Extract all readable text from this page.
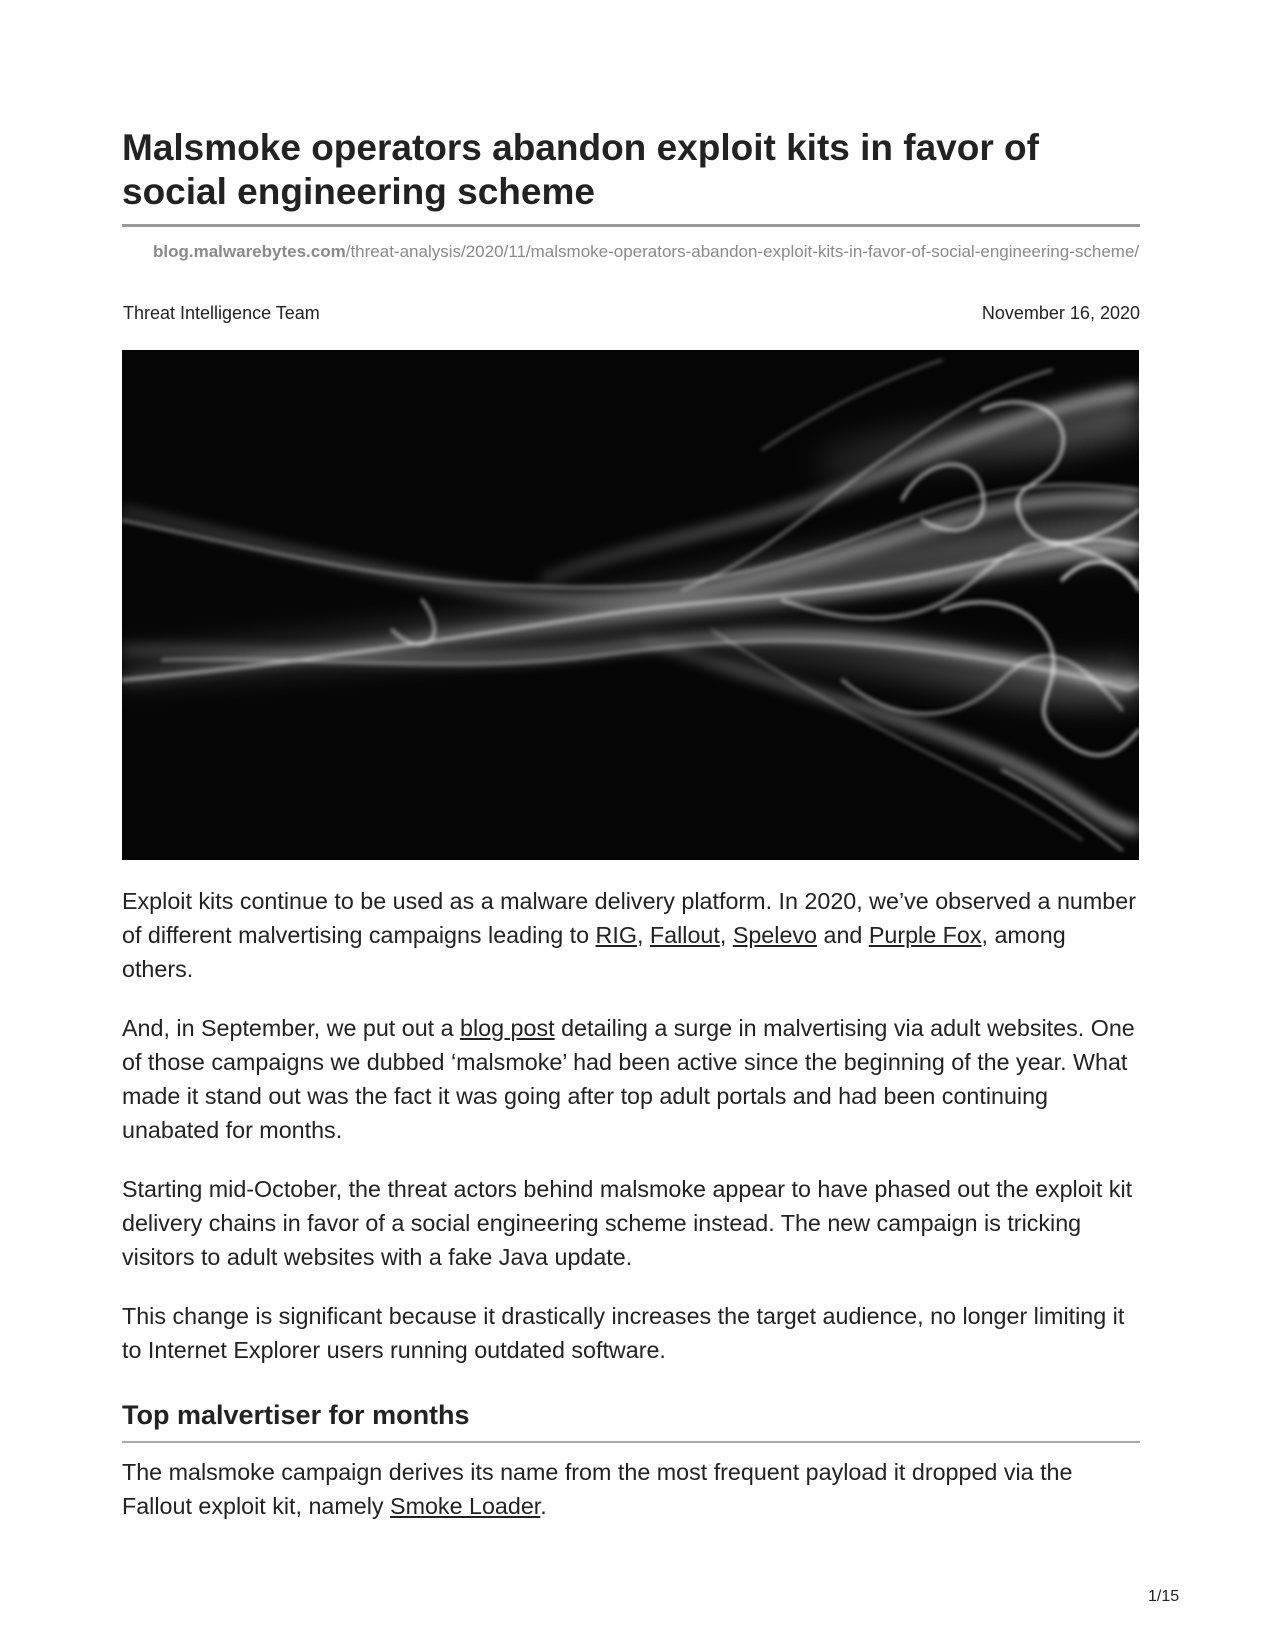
Malsmoke operators abandon exploit kits in favor of social engineering scheme
blog.malwarebytes.com/threat-analysis/2020/11/malsmoke-operators-abandon-exploit-kits-in-favor-of-social-engineering-scheme/
Threat Intelligence Team	November 16, 2020

Exploit kits continue to be used as a malware delivery platform. In 2020, we’ve observed a number of different malvertising campaigns leading to RIG, Fallout, Spelevo and Purple Fox, among others.

And, in September, we put out a blog post detailing a surge in malvertising via adult websites. One of those campaigns we dubbed ‘malsmoke’ had been active since the beginning of the year. What made it stand out was the fact it was going after top adult portals and had been continuing unabated for months.

Starting mid-October, the threat actors behind malsmoke appear to have phased out the exploit kit delivery chains in favor of a social engineering scheme instead. The new campaign is tricking visitors to adult websites with a fake Java update.

This change is significant because it drastically increases the target audience, no longer limiting it to Internet Explorer users running outdated software.

Top malvertiser for months

The malsmoke campaign derives its name from the most frequent payload it dropped via the Fallout exploit kit, namely Smoke Loader.

1/15
